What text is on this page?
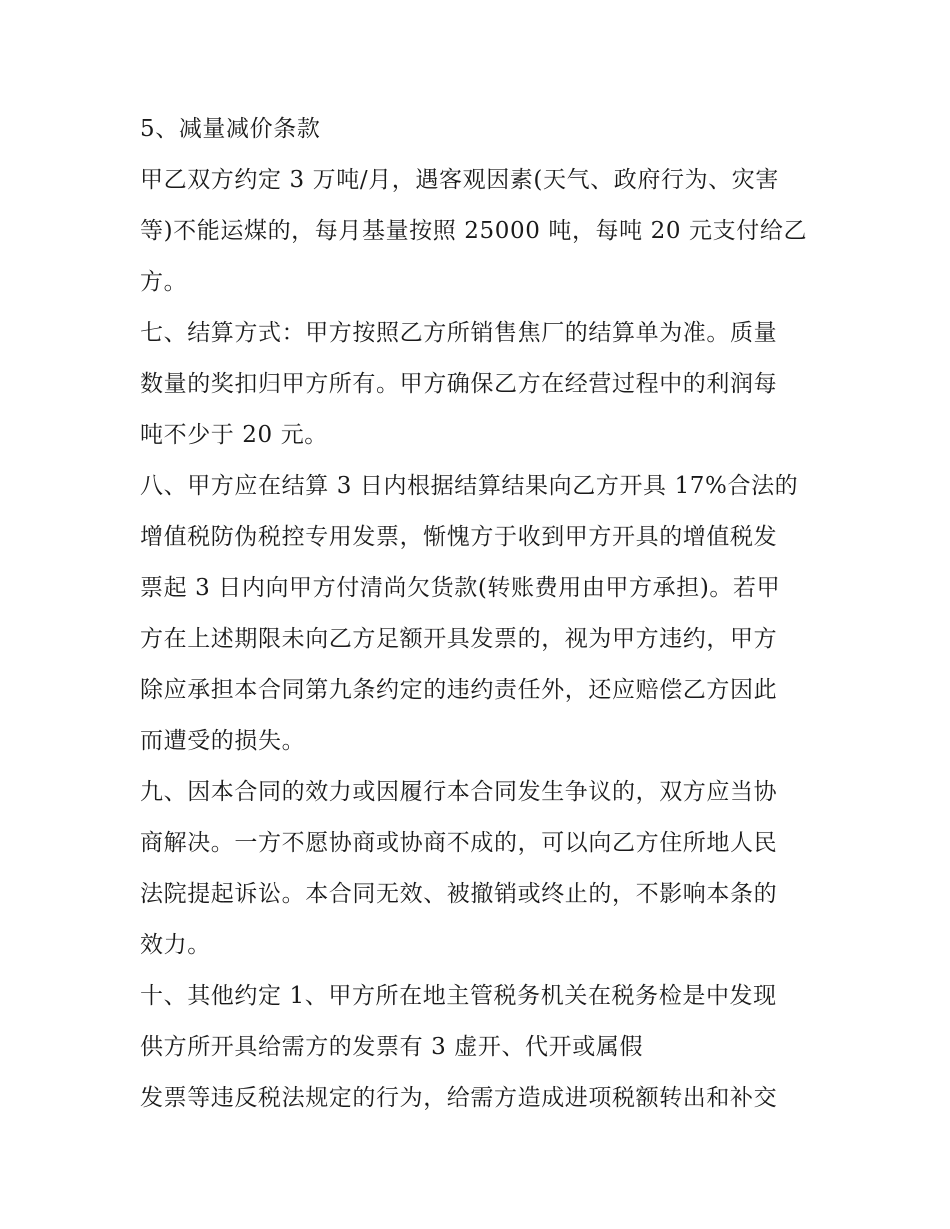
5、减量减价条款
甲乙双方约定 3 万吨/月，遇客观因素(天气、政府行为、灾害
等)不能运煤的，每月基量按照 25000 吨，每吨 20 元支付给乙
方。
七、结算方式：甲方按照乙方所销售焦厂的结算单为准。质量
数量的奖扣归甲方所有。甲方确保乙方在经营过程中的利润每
吨不少于 20 元。
八、甲方应在结算 3 日内根据结算结果向乙方开具 17%合法的
增值税防伪税控专用发票，惭愧方于收到甲方开具的增值税发
票起 3 日内向甲方付清尚欠货款(转账费用由甲方承担)。若甲
方在上述期限未向乙方足额开具发票的，视为甲方违约，甲方
除应承担本合同第九条约定的违约责任外，还应赔偿乙方因此
而遭受的损失。
九、因本合同的效力或因履行本合同发生争议的，双方应当协
商解决。一方不愿协商或协商不成的，可以向乙方住所地人民
法院提起诉讼。本合同无效、被撤销或终止的，不影响本条的
效力。
十、其他约定 1、甲方所在地主管税务机关在税务检是中发现
供方所开具给需方的发票有 3 虚开、代开或属假
发票等违反税法规定的行为，给需方造成进项税额转出和补交
